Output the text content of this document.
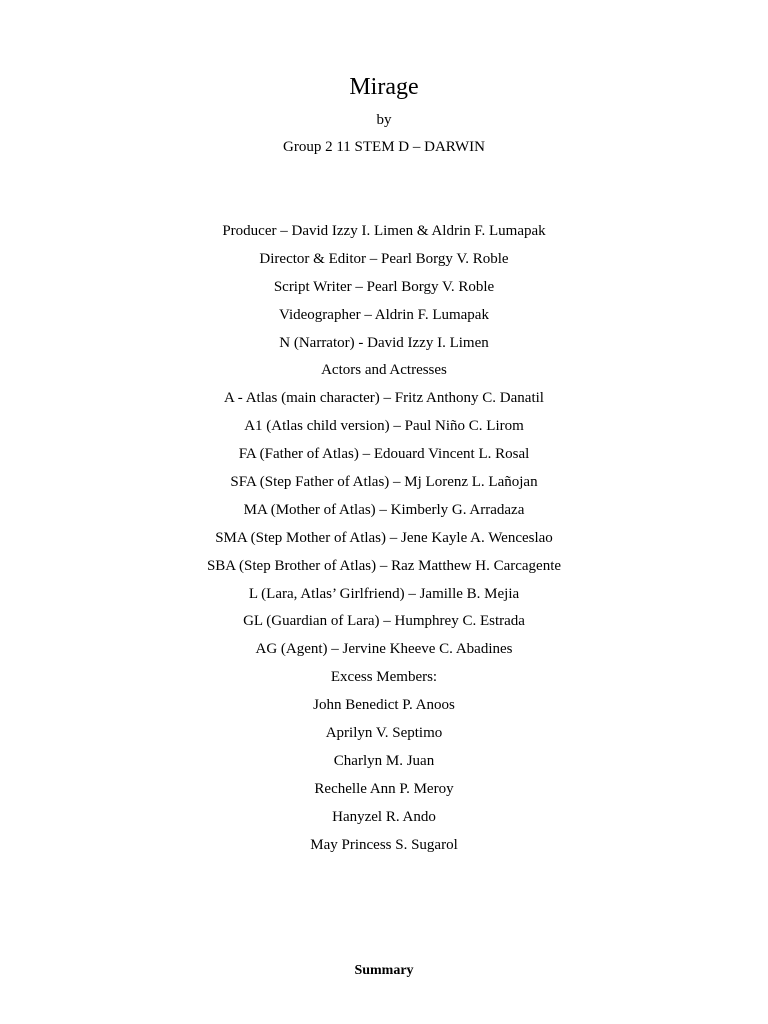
Mirage
by
Group 2 11 STEM D – DARWIN
Producer – David Izzy I. Limen & Aldrin F. Lumapak
Director & Editor – Pearl Borgy V. Roble
Script Writer – Pearl Borgy V. Roble
Videographer – Aldrin F. Lumapak
N (Narrator) - David Izzy I. Limen
Actors and Actresses
A - Atlas (main character) – Fritz Anthony C. Danatil
A1 (Atlas child version) – Paul Niño C. Lirom
FA (Father of Atlas) – Edouard Vincent L. Rosal
SFA (Step Father of Atlas) – Mj Lorenz L. Lañojan
MA (Mother of Atlas) – Kimberly G. Arradaza
SMA (Step Mother of Atlas) – Jene Kayle A. Wenceslao
SBA (Step Brother of Atlas) – Raz Matthew H. Carcagente
L (Lara, Atlas’ Girlfriend) – Jamille B. Mejia
GL (Guardian of Lara) – Humphrey C. Estrada
AG (Agent) – Jervine Kheeve C. Abadines
Excess Members:
John Benedict P. Anoos
Aprilyn V. Septimo
Charlyn M. Juan
Rechelle Ann P. Meroy
Hanyzel R. Ando
May Princess S. Sugarol
Summary
